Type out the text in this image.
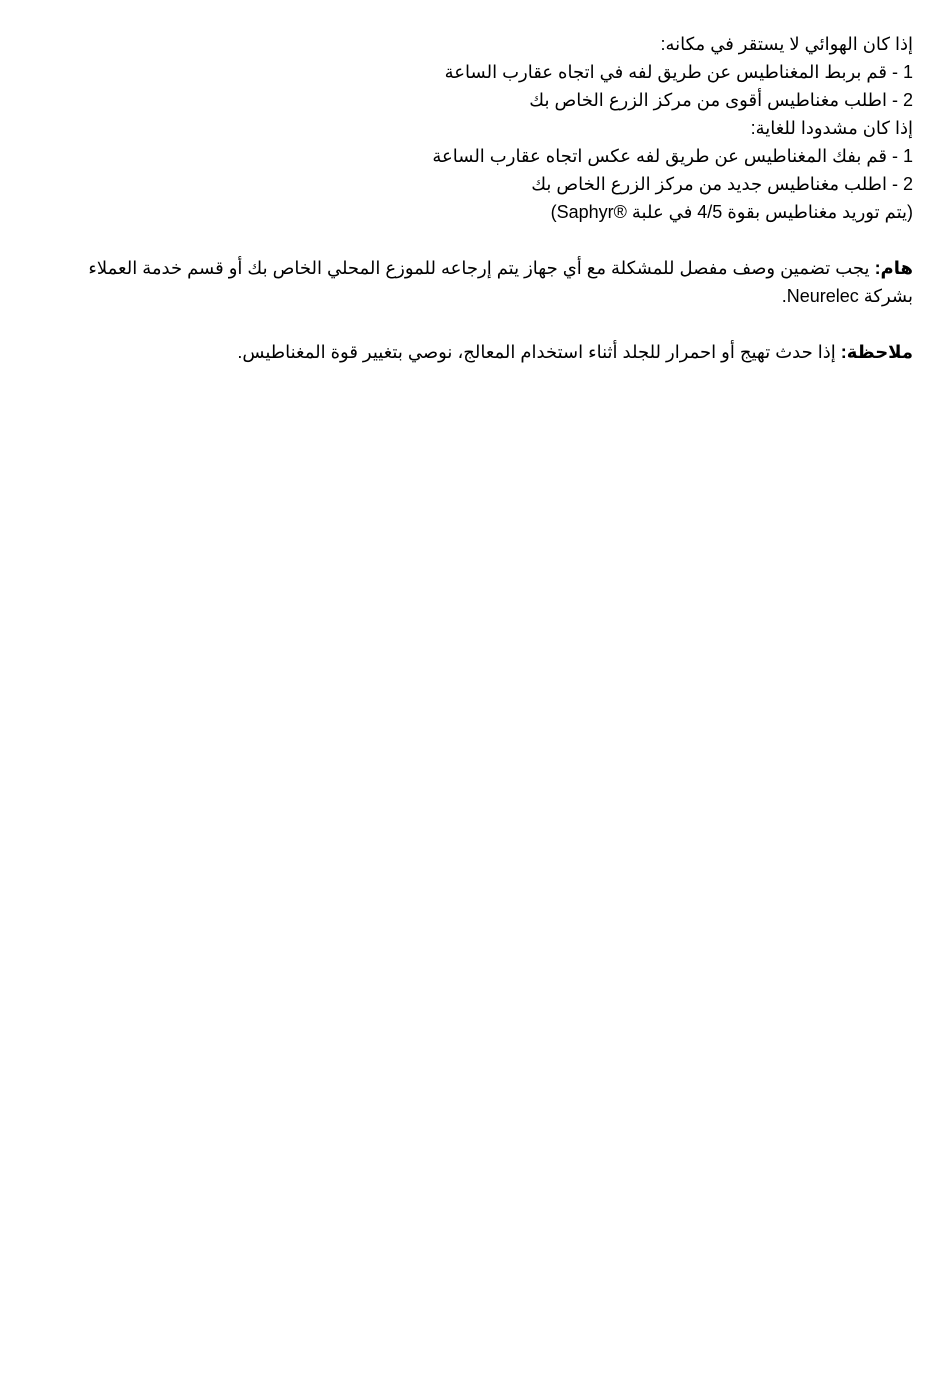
إذا كان الهوائي لا يستقر في مكانه:
1 - قم بربط المغناطيس عن طريق لفه في اتجاه عقارب الساعة
2 - اطلب مغناطيس أقوى من مركز الزرع الخاص بك
إذا كان مشدودا للغاية:
1 - قم بفك المغناطيس عن طريق لفه عكس اتجاه عقارب الساعة
2 - اطلب مغناطيس جديد من مركز الزرع الخاص بك
(يتم توريد مغناطيس بقوة 4/5 في علبة ®Saphyr)
هام: يجب تضمين وصف مفصل للمشكلة مع أي جهاز يتم إرجاعه للموزع المحلي الخاص بك أو قسم خدمة العملاء بشركة Neurelec.
ملاحظة: إذا حدث تهيج أو احمرار للجلد أثناء استخدام المعالج، نوصي بتغيير قوة المغناطيس.
